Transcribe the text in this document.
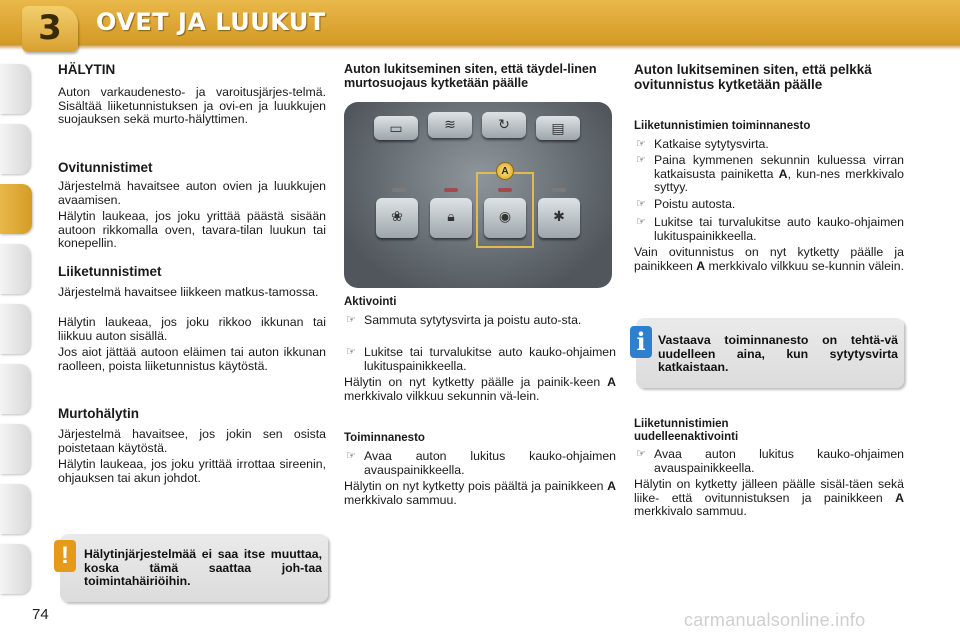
3	OVET JA LUUKUT
HÄLYTIN

Auton varkaudenesto- ja varoitusjärjes-telmä. Sisältää liiketunnistuksen ja ovi-en ja luukkujen suojauksen sekä murto-hälyttimen.

Ovitunnistimet

Järjestelmä havaitsee auton ovien ja luukkujen avaamisen.

Hälytin laukeaa, jos joku yrittää päästä sisään autoon rikkomalla oven, tavara-tilan luukun tai konepellin.

Liiketunnistimet

Järjestelmä havaitsee liikkeen matkus-tamossa.

Hälytin laukeaa, jos joku rikkoo ikkunan tai liikkuu auton sisällä.

Jos aiot jättää autoon eläimen tai auton ikkunan raolleen, poista liiketunnistus käytöstä.

Murtohälytin

Järjestelmä havaitsee, jos jokin sen osista poistetaan käytöstä.

Hälytin laukeaa, jos joku yrittää irrottaa sireenin, ohjauksen tai akun johdot.

!	Hälytinjärjestelmää ei saa itse muuttaa, koska tämä saattaa joh-taa toimintahäiriöihin.
Auton lukitseminen siten, että täydel-linen murtosuojaus kytketään päälle
▭	≋	↻	▤
❀	🔒︎	◉	✱
A
Aktivointi
☞ Sammuta sytytysvirta ja poistu auto-sta.
☞ Lukitse tai turvalukitse auto kauko-ohjaimen lukituspainikkeella.

Hälytin on nyt kytketty päälle ja painik-keen A merkkivalo vilkkuu sekunnin vä-lein.

Toiminnanesto
☞ Avaa auton lukitus kauko-ohjaimen avauspainikkeella.

Hälytin on nyt kytketty pois päältä ja painikkeen A merkkivalo sammuu.

Auton lukitseminen siten, että pelkkä ovitunnistus kytketään päälle
Liiketunnistimien toiminnanesto
☞ Katkaise sytytysvirta.
☞ Paina kymmenen sekunnin kuluessa virran katkaisusta painiketta A, kun-nes merkkivalo syttyy.
☞ Poistu autosta.
☞ Lukitse tai turvalukitse auto kauko-ohjaimen lukituspainikkeella.

Vain ovitunnistus on nyt kytketty päälle ja painikkeen A merkkivalo vilkkuu se-kunnin välein.

i	Vastaava toiminnanesto on tehtä-vä uudelleen aina, kun sytytysvirta katkaistaan.
Liiketunnistimien uudelleenaktivointi
☞ Avaa auton lukitus kauko-ohjaimen avauspainikkeella.

Hälytin on kytketty jälleen päälle sisäl-täen sekä liike- että ovitunnistuksen ja painikkeen A merkkivalo sammuu.

74	carmanualsonline.info
